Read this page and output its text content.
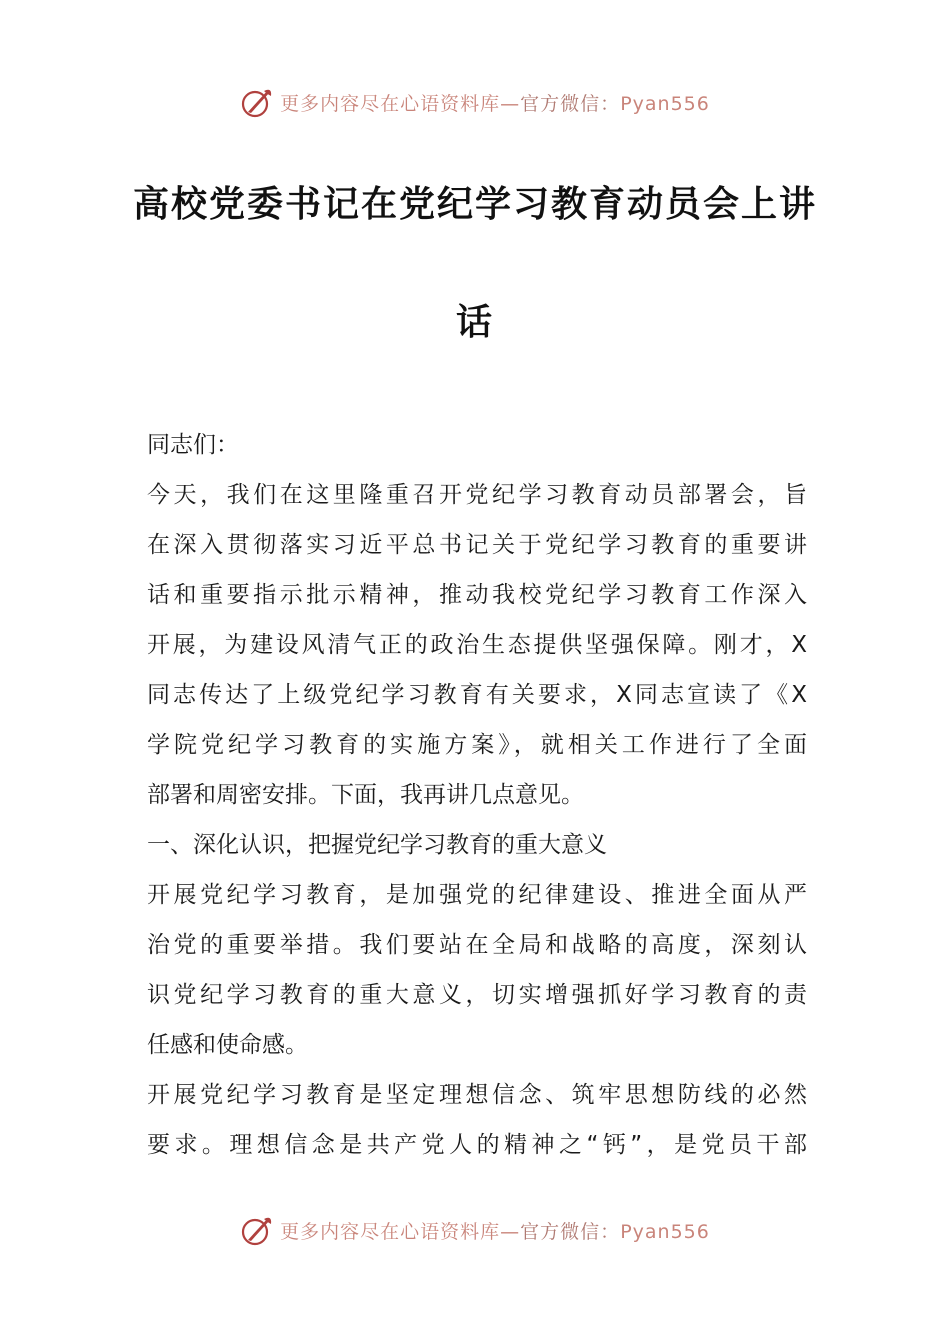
更多内容尽在心语资料库—官方微信：Pyan556
高校党委书记在党纪学习教育动员会上讲
话
同志们：
今天，我们在这里隆重召开党纪学习教育动员部署会，旨
在深入贯彻落实习近平总书记关于党纪学习教育的重要讲
话和重要指示批示精神，推动我校党纪学习教育工作深入
开展，为建设风清气正的政治生态提供坚强保障。刚才，X
同志传达了上级党纪学习教育有关要求，X同志宣读了《X
学院党纪学习教育的实施方案》，就相关工作进行了全面
部署和周密安排。下面，我再讲几点意见。
一、深化认识，把握党纪学习教育的重大意义
开展党纪学习教育，是加强党的纪律建设、推进全面从严
治党的重要举措。我们要站在全局和战略的高度，深刻认
识党纪学习教育的重大意义，切实增强抓好学习教育的责
任感和使命感。
开展党纪学习教育是坚定理想信念、筑牢思想防线的必然
要求。理想信念是共产党人的精神之“钙”，是党员干部
更多内容尽在心语资料库—官方微信：Pyan556
